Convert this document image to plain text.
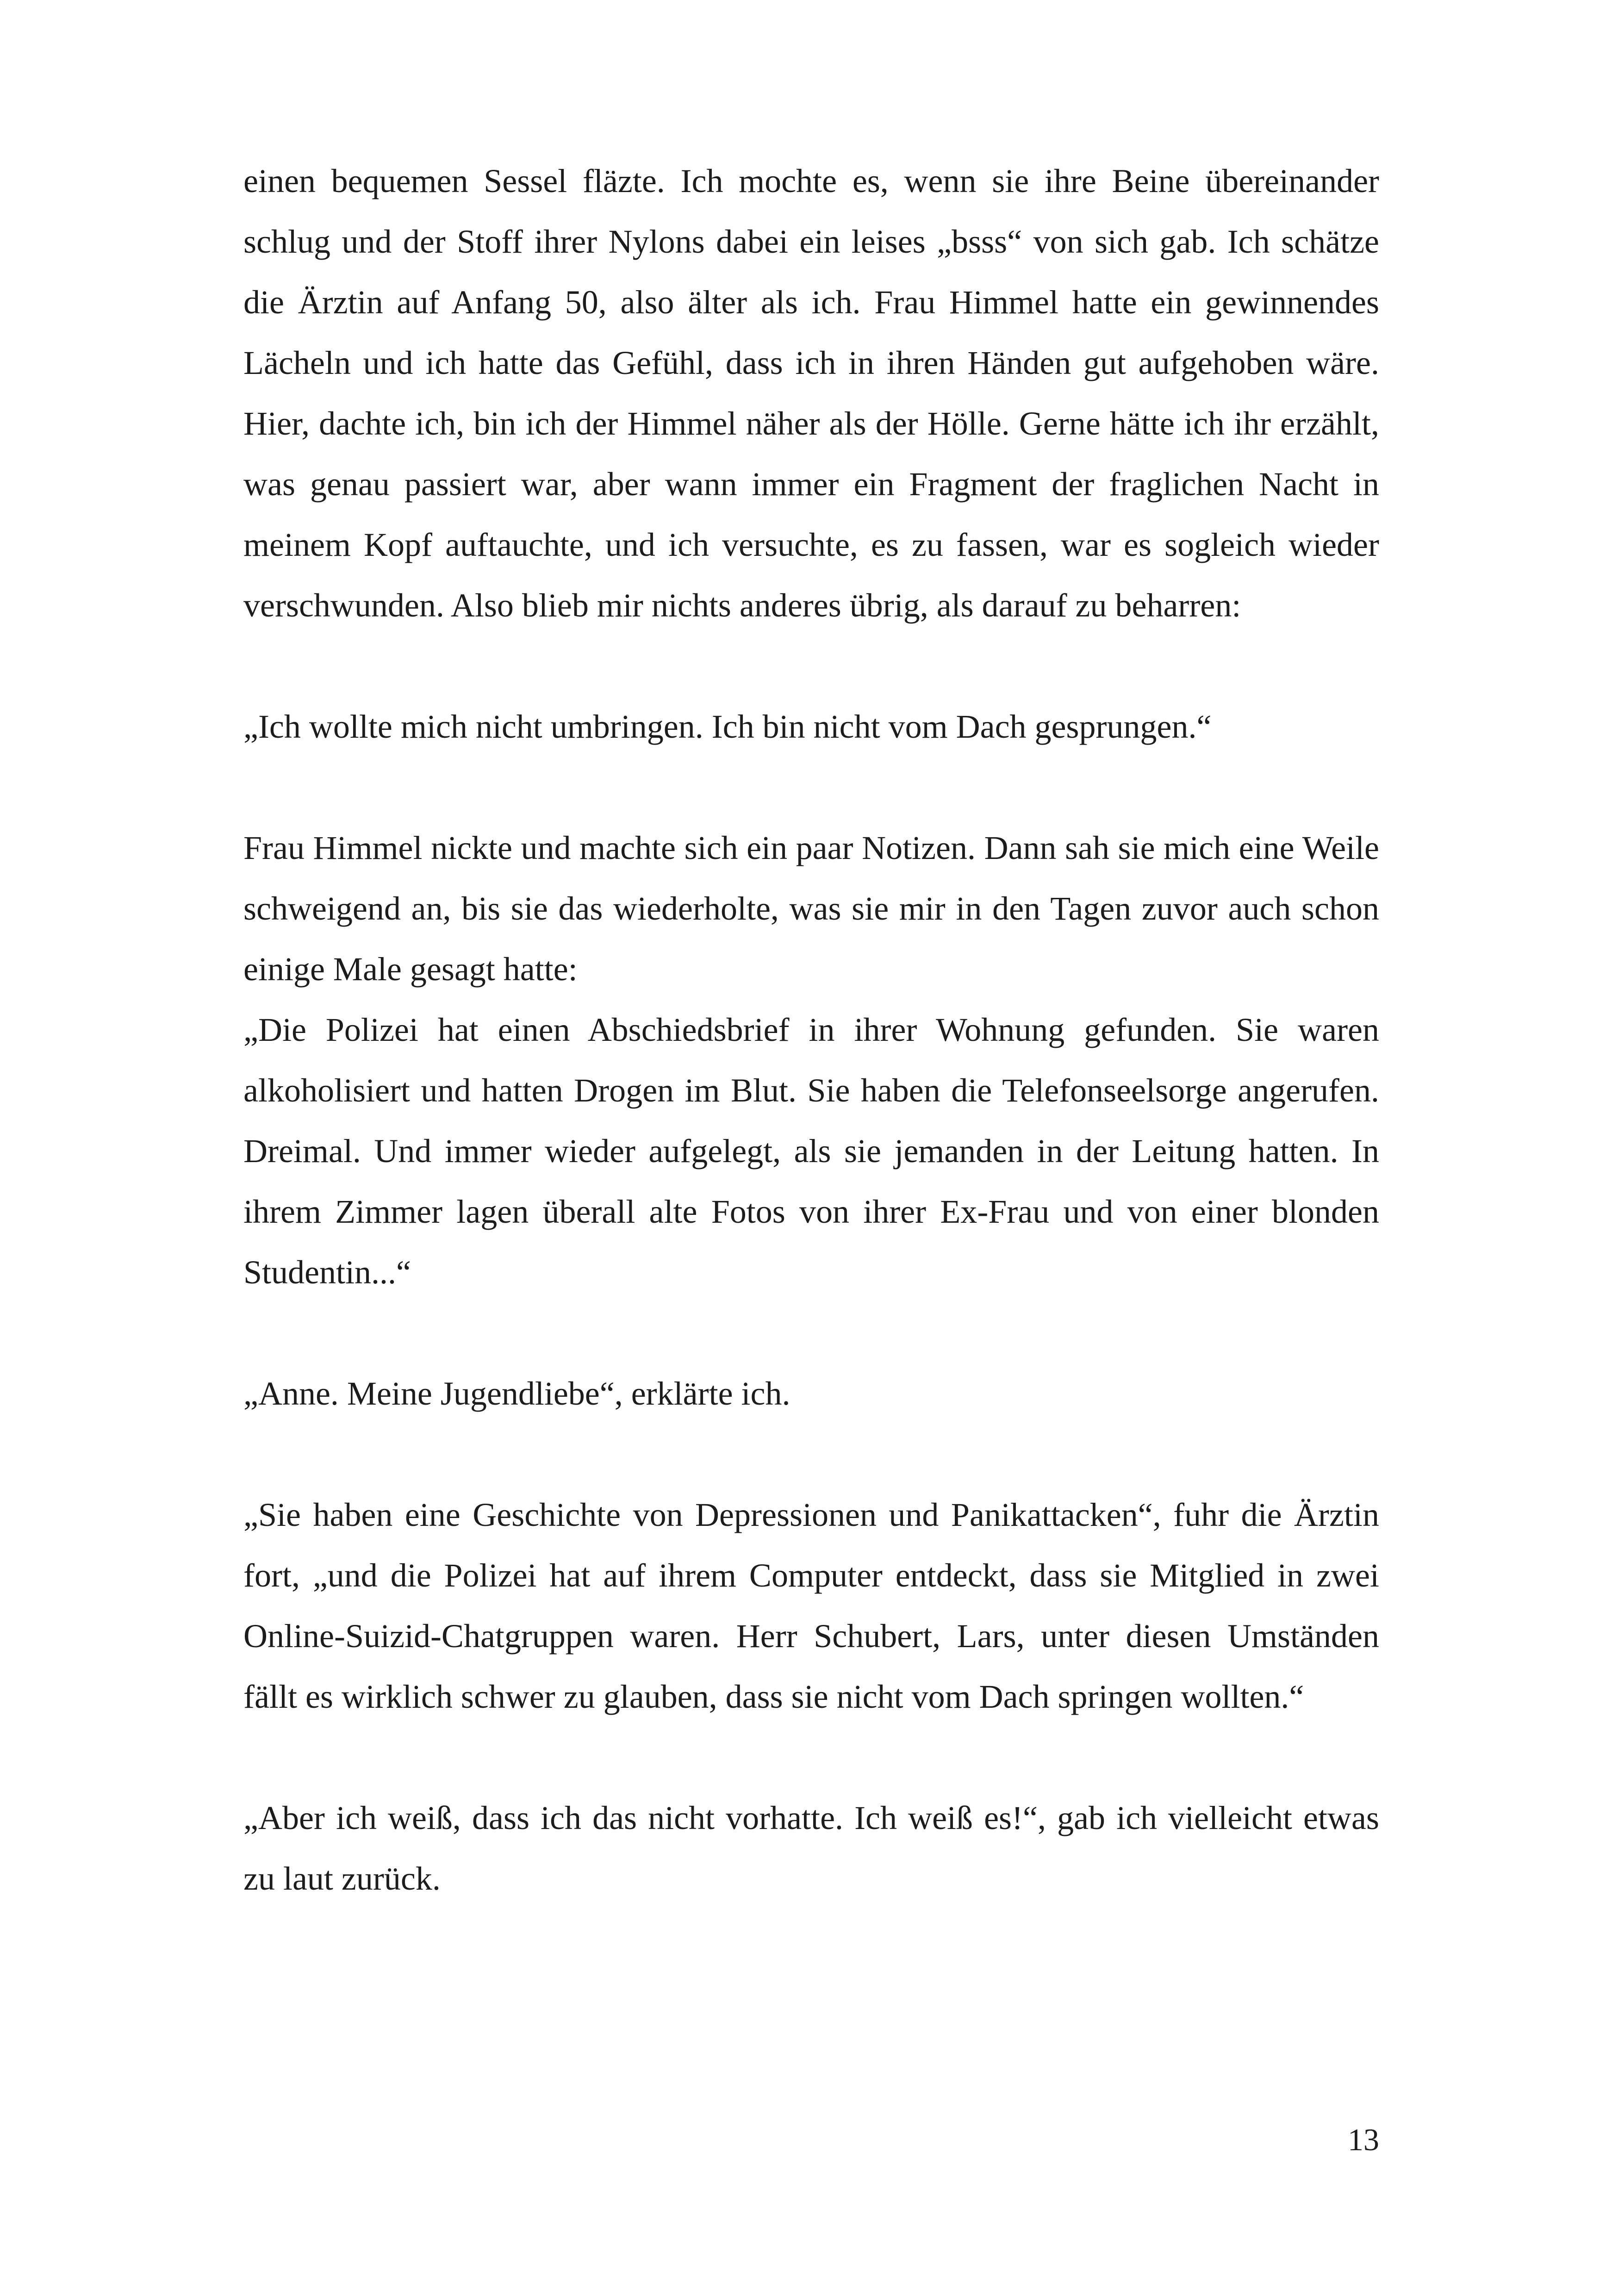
einen bequemen Sessel fläzte. Ich mochte es, wenn sie ihre Beine übereinander schlug und der Stoff ihrer Nylons dabei ein leises „bsss“ von sich gab. Ich schätze die Ärztin auf Anfang 50, also älter als ich. Frau Himmel hatte ein gewinnendes Lächeln und ich hatte das Gefühl, dass ich in ihren Händen gut aufgehoben wäre. Hier, dachte ich, bin ich der Himmel näher als der Hölle. Gerne hätte ich ihr erzählt, was genau passiert war, aber wann immer ein Fragment der fraglichen Nacht in meinem Kopf auftauchte, und ich versuchte, es zu fassen, war es sogleich wieder verschwunden. Also blieb mir nichts anderes übrig, als darauf zu beharren:

„Ich wollte mich nicht umbringen. Ich bin nicht vom Dach gesprungen.“

Frau Himmel nickte und machte sich ein paar Notizen. Dann sah sie mich eine Weile schweigend an, bis sie das wiederholte, was sie mir in den Tagen zuvor auch schon einige Male gesagt hatte:

„Die Polizei hat einen Abschiedsbrief in ihrer Wohnung gefunden. Sie waren alkoholisiert und hatten Drogen im Blut. Sie haben die Telefonseelsorge angerufen. Dreimal. Und immer wieder aufgelegt, als sie jemanden in der Leitung hatten. In ihrem Zimmer lagen überall alte Fotos von ihrer Ex-Frau und von einer blonden Studentin...“

„Anne. Meine Jugendliebe“, erklärte ich.

„Sie haben eine Geschichte von Depressionen und Panikattacken“, fuhr die Ärztin fort, „und die Polizei hat auf ihrem Computer entdeckt, dass sie Mitglied in zwei Online-Suizid-Chatgruppen waren. Herr Schubert, Lars, unter diesen Umständen fällt es wirklich schwer zu glauben, dass sie nicht vom Dach springen wollten.“

„Aber ich weiß, dass ich das nicht vorhatte. Ich weiß es!“, gab ich vielleicht etwas zu laut zurück.

13
